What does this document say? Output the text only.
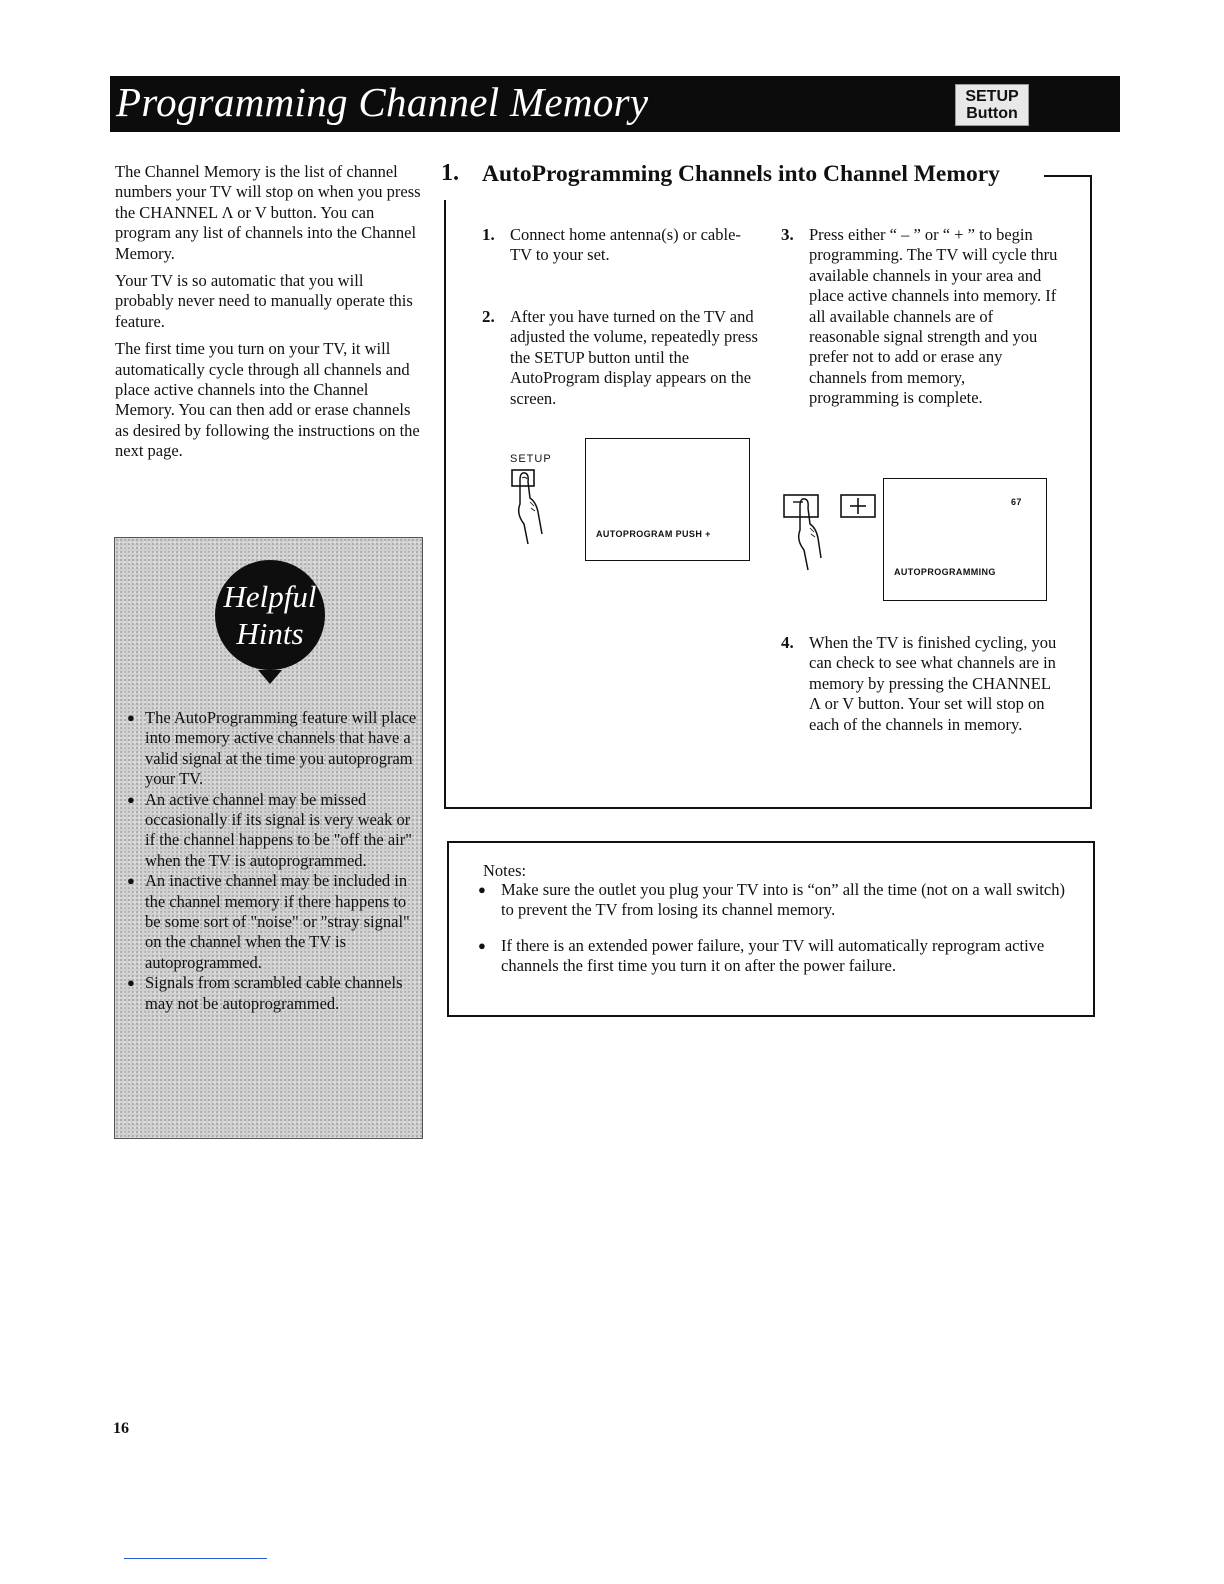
Programming Channel Memory	SETUP
Button

The Channel Memory is the list of channel numbers your TV will stop on when you press the CHANNEL Λ or V button. You can program any list of channels into the Channel Memory.

Your TV is so automatic that you will probably never need to manually operate this feature.

The first time you turn on your TV, it will automatically cycle through all channels and place active channels into the Channel Memory. You can then add or erase channels as desired by following the instructions on the next page.

Helpful
Hints
● The AutoProgramming feature will place into memory active channels that have a valid signal at the time you autoprogram your TV.
● An active channel may be missed occasionally if its signal is very weak or if the channel happens to be "off the air" when the TV is autoprogrammed.
● An inactive channel may be included in the channel memory if there happens to be some sort of "noise" or "stray signal" on the channel when the TV is autoprogrammed.
● Signals from scrambled cable channels may not be autoprogrammed.
1. AutoProgramming Channels into Channel Memory
1. Connect home antenna(s) or cable-TV to your set.
2. After you have turned on the TV and adjusted the volume, repeatedly press the SETUP button until the AutoProgram display appears on the screen.
3. Press either “ – ” or “ + ” to begin programming. The TV will cycle thru available channels in your area and place active channels into memory. If all available channels are of reasonable signal strength and you prefer not to add or erase any channels from memory, programming is complete.
4. When the TV is finished cycling, you can check to see what channels are in memory by pressing the CHANNEL Λ or V button. Your set will stop on each of the channels in memory.
SETUP
AUTOPROGRAM PUSH +
67
AUTOPROGRAMMING
Notes:
● Make sure the outlet you plug your TV into is “on” all the time (not on a wall switch) to prevent the TV from losing its channel memory.
● If there is an extended power failure, your TV will automatically reprogram active channels the first time you turn it on after the power failure.
16
